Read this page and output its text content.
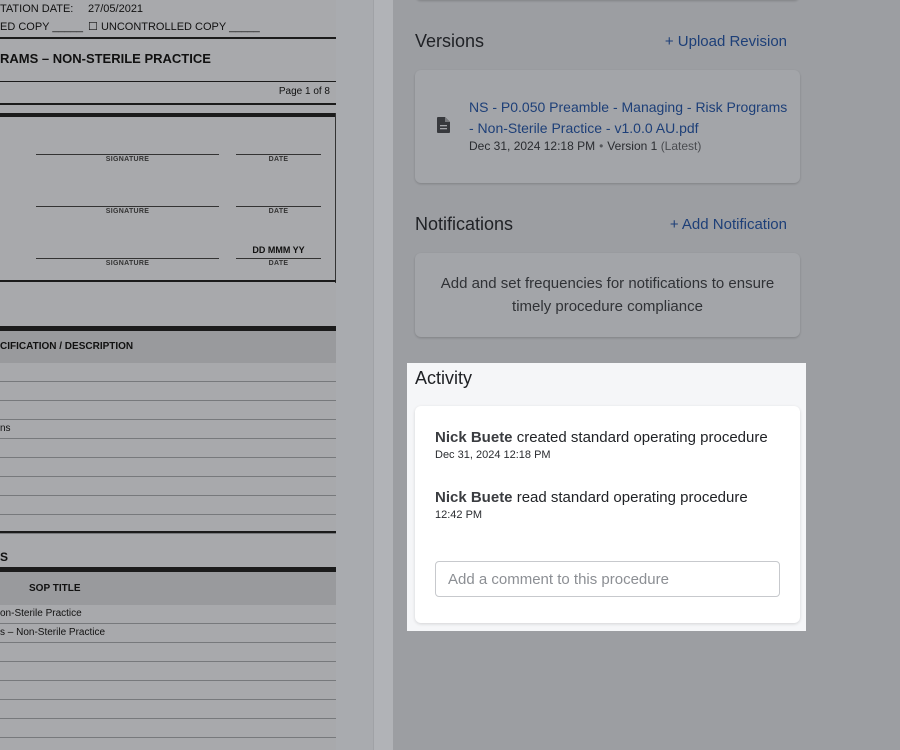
TATION DATE: 27/05/2021
ED COPY _____ ☐ UNCONTROLLED COPY _____
RAMS – NON-STERILE PRACTICE
Page 1 of 8
SIGNATURE	DATE
SIGNATURE	DATE
DD MMM YY
SIGNATURE	DATE
CIFICATION / DESCRIPTION
ns
S
SOP TITLE
on-Sterile Practice
s – Non-Sterile Practice
Versions	+ Upload Revision
NS - P0.050 Preamble - Managing - Risk Programs - Non-Sterile Practice - v1.0.0 AU.pdf
Dec 31, 2024 12:18 PM • Version 1 (Latest)
Notifications	+ Add Notification
Add and set frequencies for notifications to ensure timely procedure compliance
Activity
Nick Buete created standard operating procedure
Dec 31, 2024 12:18 PM
Nick Buete read standard operating procedure
12:42 PM
Add a comment to this procedure
